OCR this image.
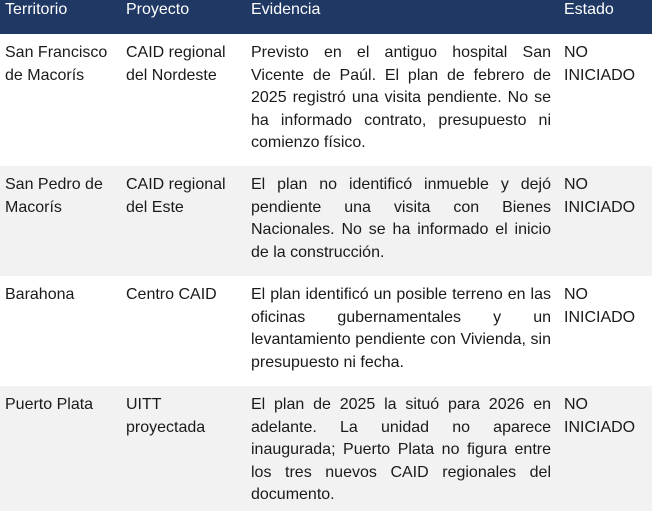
Territorio	Proyecto	Evidencia	Estado
San Francisco de Macorís	CAID regional del Nordeste	Previsto en el antiguo hospital San Vicente de Paúl. El plan de febrero de 2025 registró una visita pendiente. No se ha informado contrato, presupuesto ni comienzo físico.	NO INICIADO
San Pedro de Macorís	CAID regional del Este	El plan no identificó inmueble y dejó pendiente una visita con Bienes Nacionales. No se ha informado el inicio de la construcción.	NO INICIADO
Barahona	Centro CAID	El plan identificó un posible terreno en las oficinas gubernamentales y un levantamiento pendiente con Vivienda, sin presupuesto ni fecha.	NO INICIADO
Puerto Plata	UITT proyectada	El plan de 2025 la situó para 2026 en adelante. La unidad no aparece inaugurada; Puerto Plata no figura entre los tres nuevos CAID regionales del documento.	NO INICIADO
